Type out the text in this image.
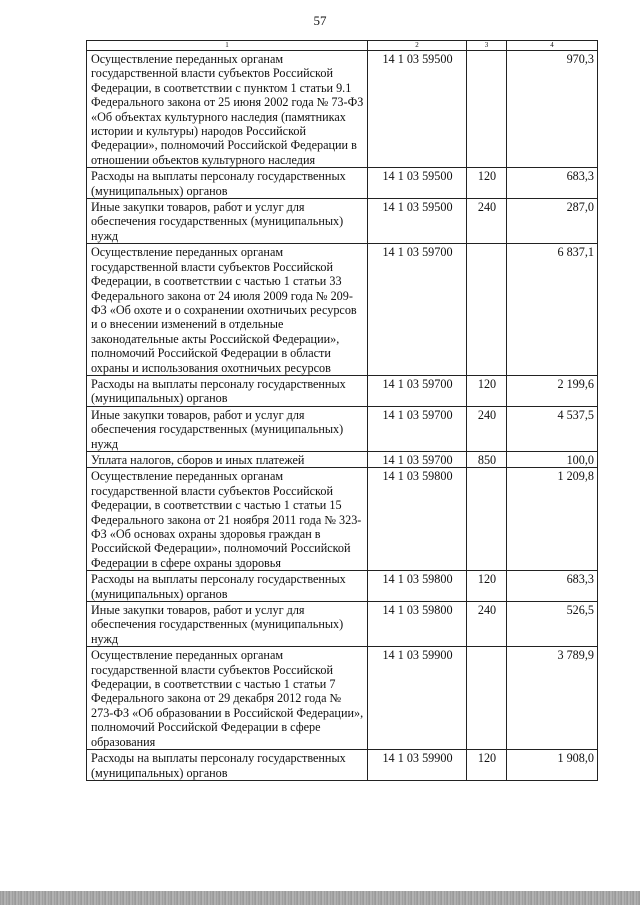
57
1	2	3	4
Осуществление переданных органам государственной власти субъектов Российской Федерации, в соответствии с пунктом 1 статьи 9.1 Федерального закона от 25 июня 2002 года № 73-ФЗ «Об объектах культурного наследия (памятниках истории и культуры) народов Российской Федерации», полномочий Российской Федерации в отношении объектов культурного наследия	14 1 03 59500		970,3
Расходы на выплаты персоналу государственных (муниципальных) органов	14 1 03 59500	120	683,3
Иные закупки товаров, работ и услуг для обеспечения государственных (муниципальных) нужд	14 1 03 59500	240	287,0
Осуществление переданных органам государственной власти субъектов Российской Федерации, в соответствии с частью 1 статьи 33 Федерального закона от 24 июля 2009 года № 209-ФЗ «Об охоте и о сохранении охотничьих ресурсов и о внесении изменений в отдельные законодательные акты Российской Федерации», полномочий Российской Федерации в области охраны и использования охотничьих ресурсов	14 1 03 59700		6 837,1
Расходы на выплаты персоналу государственных (муниципальных) органов	14 1 03 59700	120	2 199,6
Иные закупки товаров, работ и услуг для обеспечения государственных (муниципальных) нужд	14 1 03 59700	240	4 537,5
Уплата налогов, сборов и иных платежей	14 1 03 59700	850	100,0
Осуществление переданных органам государственной власти субъектов Российской Федерации, в соответствии с частью 1 статьи 15 Федерального закона от 21 ноября 2011 года № 323-ФЗ «Об основах охраны здоровья граждан в Российской Федерации», полномочий Российской Федерации в сфере охраны здоровья	14 1 03 59800		1 209,8
Расходы на выплаты персоналу государственных (муниципальных) органов	14 1 03 59800	120	683,3
Иные закупки товаров, работ и услуг для обеспечения государственных (муниципальных) нужд	14 1 03 59800	240	526,5
Осуществление переданных органам государственной власти субъектов Российской Федерации, в соответствии с частью 1 статьи 7 Федерального закона от 29 декабря 2012 года № 273-ФЗ «Об образовании в Российской Федерации», полномочий Российской Федерации в сфере образования	14 1 03 59900		3 789,9
Расходы на выплаты персоналу государственных (муниципальных) органов	14 1 03 59900	120	1 908,0
